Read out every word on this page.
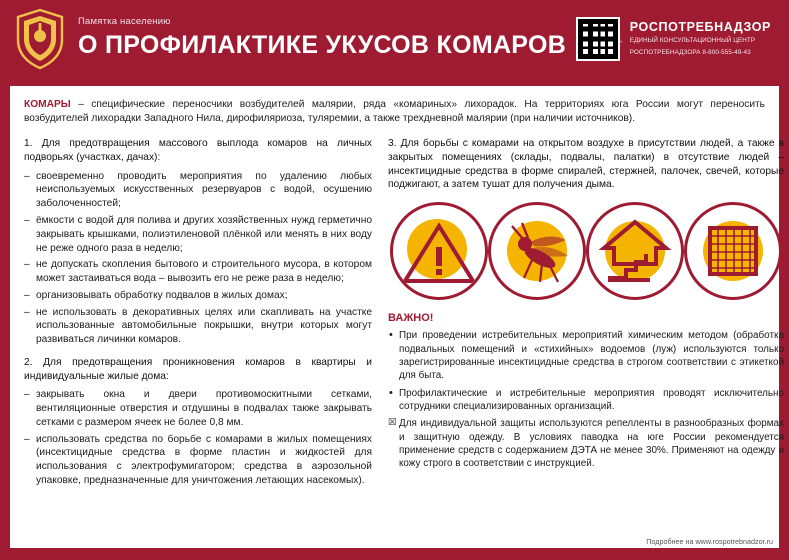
Памятка населению
О ПРОФИЛАКТИКЕ УКУСОВ КОМАРОВ
РОСПОТРЕБНАДЗОР
ЕДИНЫЙ КОНСУЛЬТАЦИОННЫЙ ЦЕНТР
РОСПОТРЕБНАДЗОРА 8-800-555-49-43
КОМАРЫ – специфические переносчики возбудителей малярии, ряда «комариных» лихорадок. На территориях юга России могут переносить возбудителей лихорадки Западного Нила, дирофиляриоза, туляремии, а также трехдневной малярии (при наличии источников).
1. Для предотвращения массового выплода комаров на личных подворьях (участках, дачах):
– своевременно проводить мероприятия по удалению любых неиспользуемых искусственных резервуаров с водой, осушению заболоченностей;
– ёмкости с водой для полива и других хозяйственных нужд герметично закрывать крышками, полиэтиленовой плёнкой или менять в них воду не реже одного раза в неделю;
– не допускать скопления бытового и строительного мусора, в котором может застаиваться вода – вывозить его не реже раза в неделю;
– организовывать обработку подвалов в жилых домах;
– не использовать в декоративных целях или скапливать на участке использованные автомобильные покрышки, внутри которых могут развиваться личинки комаров.
2. Для предотвращения проникновения комаров в квартиры и индивидуальные жилые дома:
– закрывать окна и двери противомоскитными сетками, вентиляционные отверстия и отдушины в подвалах также закрывать сетками с размером ячеек не более 0,8 мм.
– использовать средства по борьбе с комарами в жилых помещениях (инсектицидные средства в форме пластин и жидкостей для использования с электрофумигатором; средства в аэрозольной упаковке, предназначенные для уничтожения летающих насекомых).
3. Для борьбы с комарами на открытом воздухе в присутствии людей, а также в закрытых помещениях (склады, подвалы, палатки) в отсутствие людей – инсектицидные средства в форме спиралей, стержней, палочек, свечей, которые поджигают, а затем тушат для получения дыма.
ВАЖНО!
• При проведении истребительных мероприятий химическим методом (обработка подвальных помещений и «стихийных» водоемов (луж) используются только зарегистрированные инсектицидные средства в строгом соответствии с этикеткой для быта.
• Профилактические и истребительные мероприятия проводят исключительно сотрудники специализированных организаций.
☒ Для индивидуальной защиты используются репелленты в разнообразных формах и защитную одежду. В условиях паводка на юге России рекомендуется применение средств с содержанием ДЭТА не менее 30%. Применяют на одежду и кожу строго в соответствии с инструкцией.
Подробнее на www.rospotrebnadzor.ru
